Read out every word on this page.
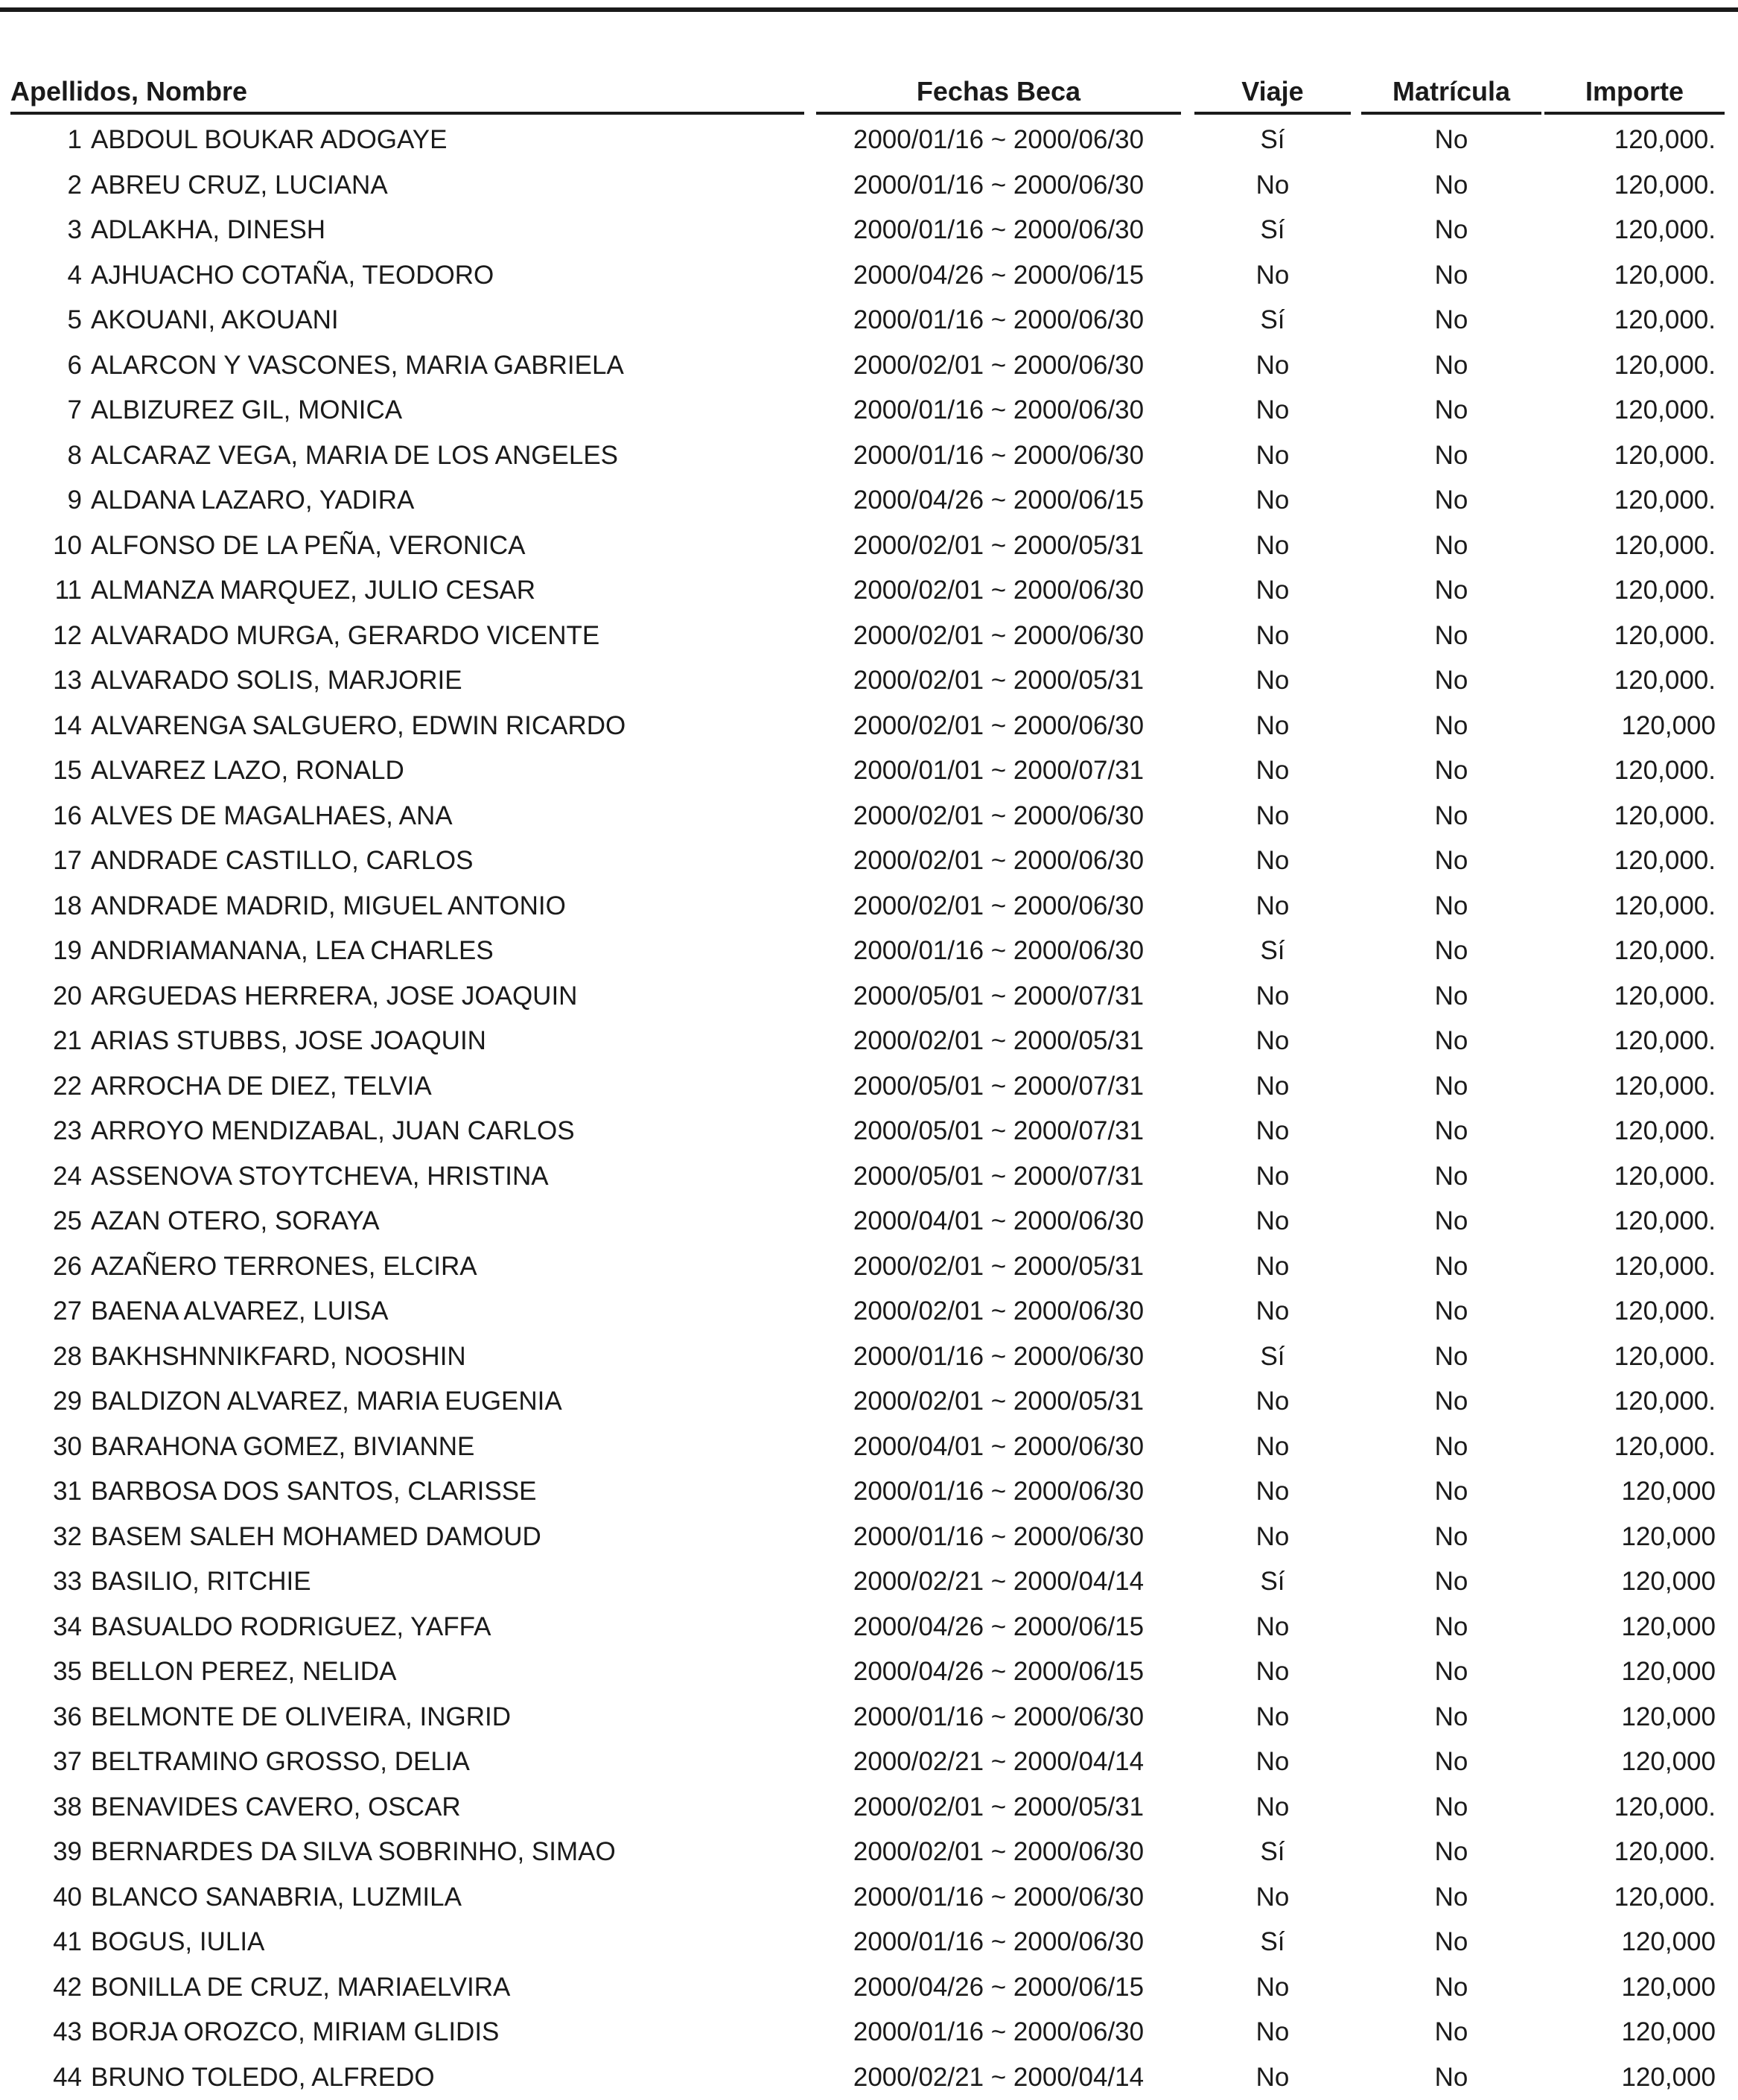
Apellidos, Nombre	Fechas Beca	Viaje	Matrícula	Importe
1 ABDOUL BOUKAR ADOGAYE	2000/01/16 ~ 2000/06/30	Sí	No	120,000.
2 ABREU CRUZ, LUCIANA	2000/01/16 ~ 2000/06/30	No	No	120,000.
3 ADLAKHA, DINESH	2000/01/16 ~ 2000/06/30	Sí	No	120,000.
4 AJHUACHO COTAÑA, TEODORO	2000/04/26 ~ 2000/06/15	No	No	120,000.
5 AKOUANI, AKOUANI	2000/01/16 ~ 2000/06/30	Sí	No	120,000.
6 ALARCON Y VASCONES, MARIA GABRIELA	2000/02/01 ~ 2000/06/30	No	No	120,000.
7 ALBIZUREZ GIL, MONICA	2000/01/16 ~ 2000/06/30	No	No	120,000.
8 ALCARAZ VEGA, MARIA DE LOS ANGELES	2000/01/16 ~ 2000/06/30	No	No	120,000.
9 ALDANA LAZARO, YADIRA	2000/04/26 ~ 2000/06/15	No	No	120,000.
10 ALFONSO DE LA PEÑA, VERONICA	2000/02/01 ~ 2000/05/31	No	No	120,000.
11 ALMANZA MARQUEZ, JULIO CESAR	2000/02/01 ~ 2000/06/30	No	No	120,000.
12 ALVARADO MURGA, GERARDO VICENTE	2000/02/01 ~ 2000/06/30	No	No	120,000.
13 ALVARADO SOLIS, MARJORIE	2000/02/01 ~ 2000/05/31	No	No	120,000.
14 ALVARENGA SALGUERO, EDWIN RICARDO	2000/02/01 ~ 2000/06/30	No	No	120,000
15 ALVAREZ LAZO, RONALD	2000/01/01 ~ 2000/07/31	No	No	120,000.
16 ALVES DE MAGALHAES, ANA	2000/02/01 ~ 2000/06/30	No	No	120,000.
17 ANDRADE CASTILLO, CARLOS	2000/02/01 ~ 2000/06/30	No	No	120,000.
18 ANDRADE MADRID, MIGUEL ANTONIO	2000/02/01 ~ 2000/06/30	No	No	120,000.
19 ANDRIAMANANA, LEA CHARLES	2000/01/16 ~ 2000/06/30	Sí	No	120,000.
20 ARGUEDAS HERRERA, JOSE JOAQUIN	2000/05/01 ~ 2000/07/31	No	No	120,000.
21 ARIAS STUBBS, JOSE JOAQUIN	2000/02/01 ~ 2000/05/31	No	No	120,000.
22 ARROCHA DE DIEZ, TELVIA	2000/05/01 ~ 2000/07/31	No	No	120,000.
23 ARROYO MENDIZABAL, JUAN CARLOS	2000/05/01 ~ 2000/07/31	No	No	120,000.
24 ASSENOVA STOYTCHEVA, HRISTINA	2000/05/01 ~ 2000/07/31	No	No	120,000.
25 AZAN OTERO, SORAYA	2000/04/01 ~ 2000/06/30	No	No	120,000.
26 AZAÑERO TERRONES, ELCIRA	2000/02/01 ~ 2000/05/31	No	No	120,000.
27 BAENA ALVAREZ, LUISA	2000/02/01 ~ 2000/06/30	No	No	120,000.
28 BAKHSHNNIKFARD, NOOSHIN	2000/01/16 ~ 2000/06/30	Sí	No	120,000.
29 BALDIZON ALVAREZ, MARIA EUGENIA	2000/02/01 ~ 2000/05/31	No	No	120,000.
30 BARAHONA GOMEZ, BIVIANNE	2000/04/01 ~ 2000/06/30	No	No	120,000.
31 BARBOSA DOS SANTOS, CLARISSE	2000/01/16 ~ 2000/06/30	No	No	120,000
32 BASEM SALEH MOHAMED DAMOUD	2000/01/16 ~ 2000/06/30	No	No	120,000
33 BASILIO, RITCHIE	2000/02/21 ~ 2000/04/14	Sí	No	120,000
34 BASUALDO RODRIGUEZ, YAFFA	2000/04/26 ~ 2000/06/15	No	No	120,000
35 BELLON PEREZ, NELIDA	2000/04/26 ~ 2000/06/15	No	No	120,000
36 BELMONTE DE OLIVEIRA, INGRID	2000/01/16 ~ 2000/06/30	No	No	120,000
37 BELTRAMINO GROSSO, DELIA	2000/02/21 ~ 2000/04/14	No	No	120,000
38 BENAVIDES CAVERO, OSCAR	2000/02/01 ~ 2000/05/31	No	No	120,000.
39 BERNARDES DA SILVA SOBRINHO, SIMAO	2000/02/01 ~ 2000/06/30	Sí	No	120,000.
40 BLANCO SANABRIA, LUZMILA	2000/01/16 ~ 2000/06/30	No	No	120,000.
41 BOGUS, IULIA	2000/01/16 ~ 2000/06/30	Sí	No	120,000
42 BONILLA DE CRUZ, MARIAELVIRA	2000/04/26 ~ 2000/06/15	No	No	120,000
43 BORJA OROZCO, MIRIAM GLIDIS	2000/01/16 ~ 2000/06/30	No	No	120,000
44 BRUNO TOLEDO, ALFREDO	2000/02/21 ~ 2000/04/14	No	No	120,000
